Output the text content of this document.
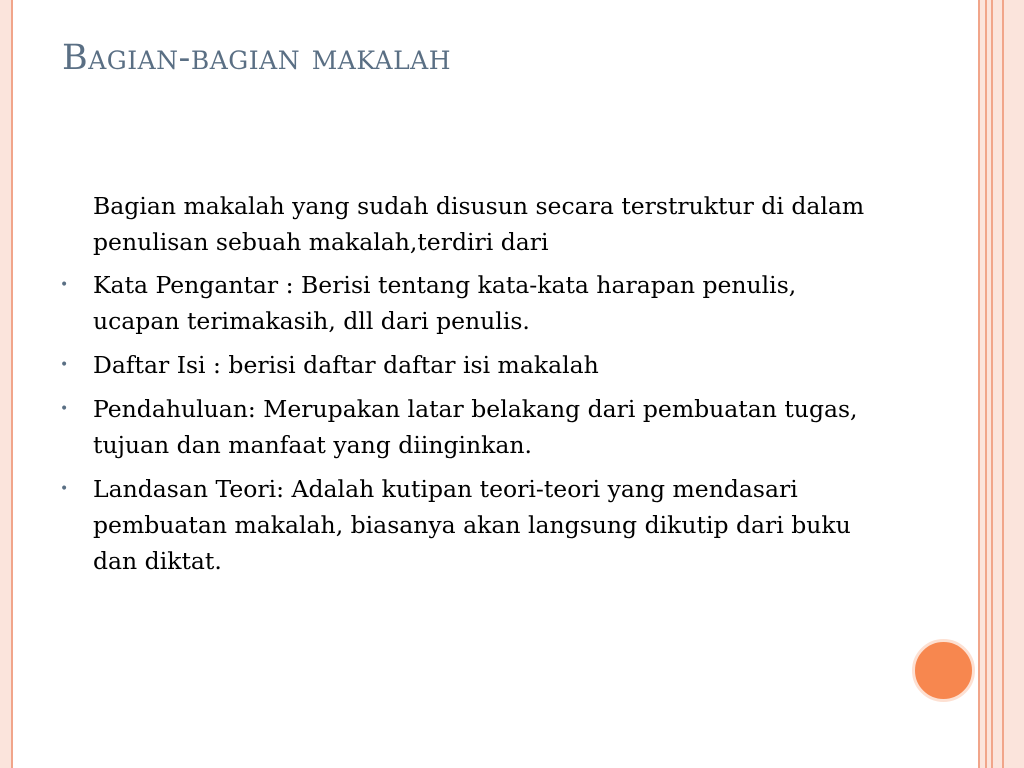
Bagian-bagian makalah

Bagian makalah yang sudah disusun secara terstruktur di dalam penulisan sebuah makalah,terdiri dari

• Kata Pengantar : Berisi tentang kata-kata harapan penulis, ucapan terimakasih, dll dari penulis.
• Daftar Isi : berisi daftar daftar isi makalah
• Pendahuluan: Merupakan latar belakang dari pembuatan tugas, tujuan dan manfaat yang diinginkan.
• Landasan Teori: Adalah kutipan teori-teori yang mendasari pembuatan makalah, biasanya akan langsung dikutip dari buku dan diktat.
